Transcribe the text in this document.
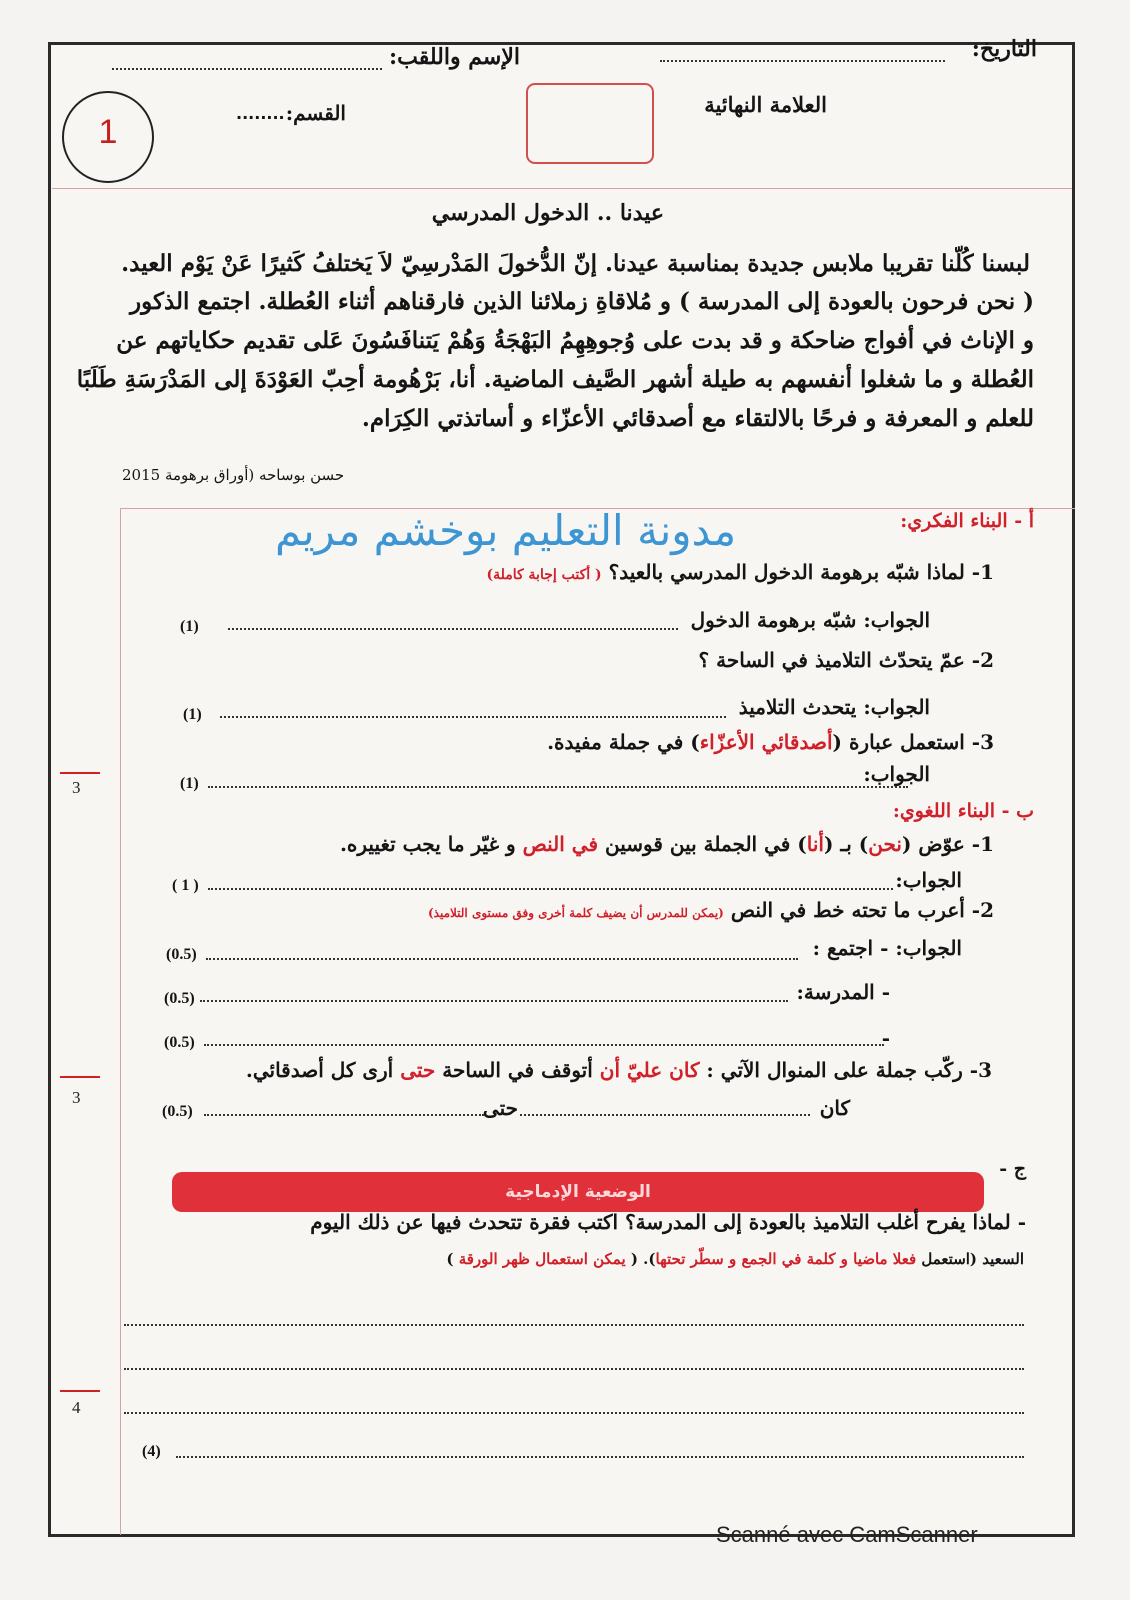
التاريخ:
الإسم واللقب:
العلامة النهائية
القسم:
........
1
عيدنا .. الدخول المدرسي
لبسنا كُلّنا تقريبا ملابس جديدة بمناسبة عيدنا. إنّ الدُّخولَ المَدْرسِيّ لاَ يَختلفُ كَثيرًا عَنْ يَوْم العيد.
( نحن فرحون بالعودة إلى المدرسة ) و مُلاقاةِ زملائنا الذين فارقناهم أثناء العُطلة. اجتمع الذكور
و الإناث في أفواج ضاحكة و قد بدت على وُجوهِهِمُ البَهْجَةُ وَهُمْ يَتنافَسُونَ عَلى تقديم حكاياتهم عن
العُطلة و ما شغلوا أنفسهم به طيلة أشهر الصَّيف الماضية. أنا، بَرْهُومة أحِبّ العَوْدَةَ إلى المَدْرَسَةِ طَلَبًا
للعلم و المعرفة و فرحًا بالالتقاء مع أصدقائي الأعزّاء و أساتذتي الكِرَام.
حسن بوساحه (أوراق برهومة 2015
مدونة التعليم بوخشم مريم	أ - البناء الفكري:
1- لماذا شبّه برهومة الدخول المدرسي بالعيد؟ ( أكتب إجابة كاملة)
الجواب: شبّه برهومة الدخول
(1)
2- عمّ يتحدّث التلاميذ في الساحة ؟
الجواب: يتحدث التلاميذ
(1)
3- استعمل عبارة (أصدقائي الأعزّاء) في جملة مفيدة.
الجواب:
(1)
3
ب - البناء اللغوي:
1- عوّض (نحن) بـ (أنا) في الجملة بين قوسين في النص و غيّر ما يجب تغييره.
الجواب:
( 1 )
2- أعرب ما تحته خط في النص (يمكن للمدرس أن يضيف كلمة أخرى وفق مستوى التلاميذ)
الجواب: - اجتمع :
(0.5)
- المدرسة:
(0.5)
-
(0.5)
3- ركّب جملة على المنوال الآتي : كان عليّ أن أتوقف في الساحة حتى أرى كل أصدقائي.
كان
حتى
(0.5)
3
ج -
الوضعية الإدماجية
- لماذا يفرح أغلب التلاميذ بالعودة إلى المدرسة؟ اكتب فقرة تتحدث فيها عن ذلك اليوم
السعيد (استعمل فعلا ماضيا و كلمة في الجمع و سطّر تحتها). ( يمكن استعمال ظهر الورقة )
(4)
4
Scanné avec CamScanner
